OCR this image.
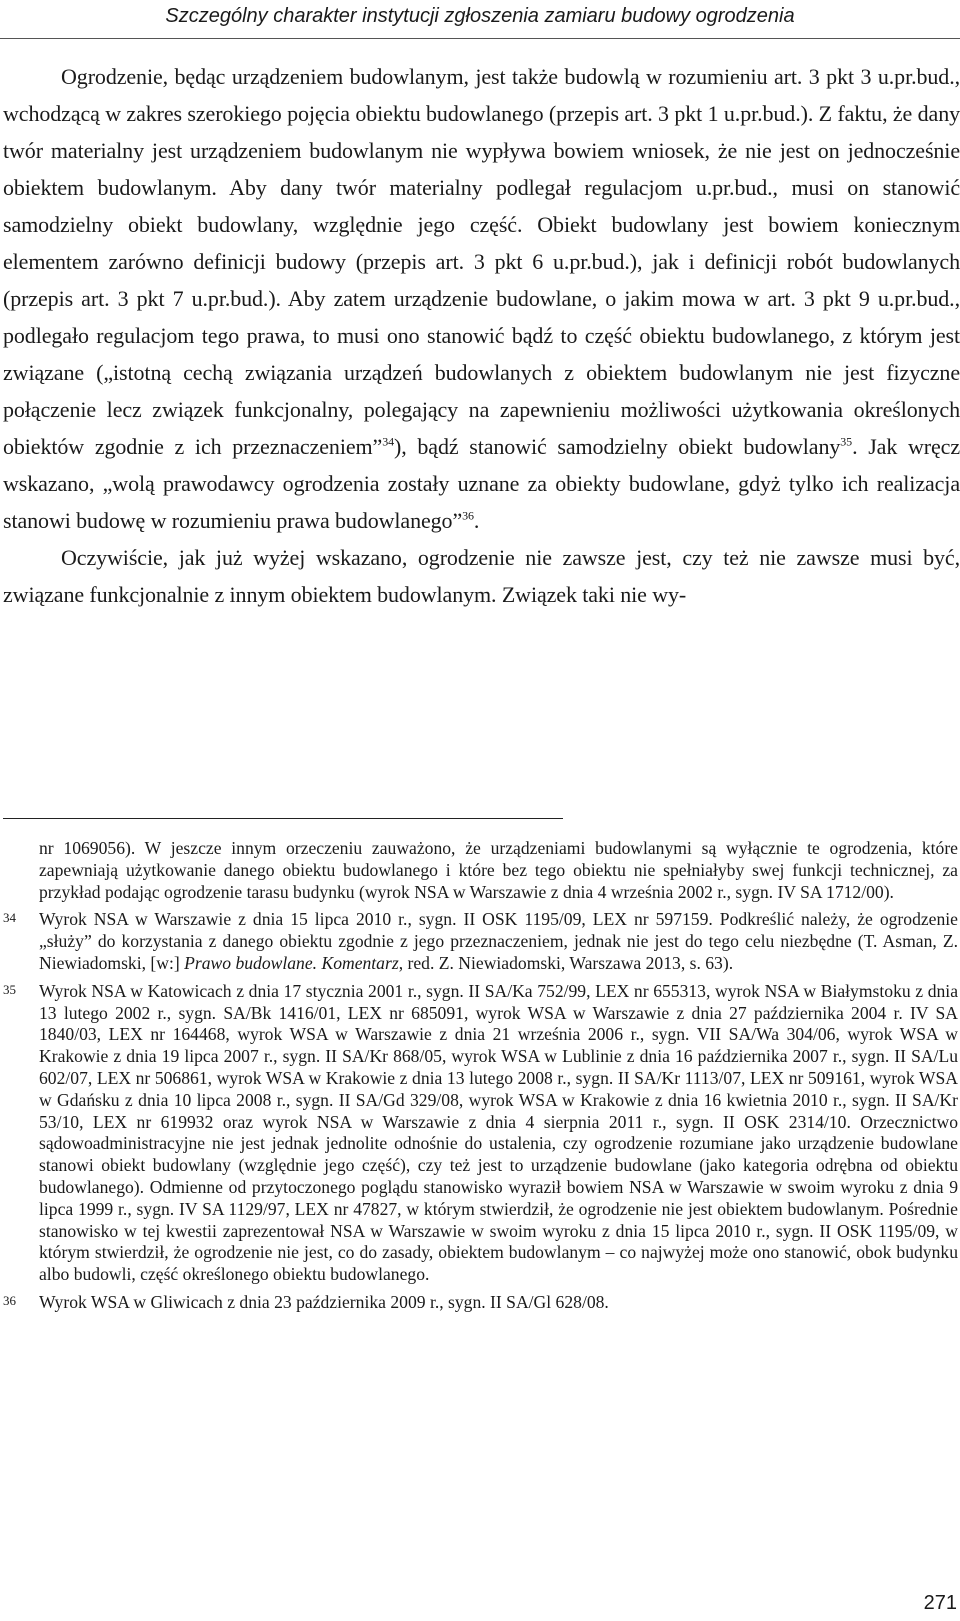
Szczególny charakter instytucji zgłoszenia zamiaru budowy ogrodzenia

Ogrodzenie, będąc urządzeniem budowlanym, jest także budowlą w rozumieniu art. 3 pkt 3 u.pr.bud., wchodzącą w zakres szerokiego pojęcia obiektu budowlanego (przepis art. 3 pkt 1 u.pr.bud.). Z faktu, że dany twór materialny jest urządzeniem budowlanym nie wypływa bowiem wniosek, że nie jest on jednocześnie obiektem budowlanym. Aby dany twór materialny podlegał regulacjom u.pr.bud., musi on stanowić samodzielny obiekt budowlany, względnie jego część. Obiekt budowlany jest bowiem koniecznym elementem zarówno definicji budowy (przepis art. 3 pkt 6 u.pr.bud.), jak i definicji robót budowlanych (przepis art. 3 pkt 7 u.pr.bud.). Aby zatem urządzenie budowlane, o jakim mowa w art. 3 pkt 9 u.pr.bud., podlegało regulacjom tego prawa, to musi ono stanowić bądź to część obiektu budowlanego, z którym jest związane („istotną cechą związania urządzeń budowlanych z obiektem budowlanym nie jest fizyczne połączenie lecz związek funkcjonalny, polegający na zapewnieniu możliwości użytkowania określonych obiektów zgodnie z ich przeznaczeniem”$^{34}$), bądź stanowić samodzielny obiekt budowlany$^{35}$. Jak wręcz wskazano, „wolą prawodawcy ogrodzenia zostały uznane za obiekty budowlane, gdyż tylko ich realizacja stanowi budowę w rozumieniu prawa budowlanego”$^{36}$.

Oczywiście, jak już wyżej wskazano, ogrodzenie nie zawsze jest, czy też nie zawsze musi być, związane funkcjonalnie z innym obiektem budowlanym. Związek taki nie wy-

nr 1069056). W jeszcze innym orzeczeniu zauważono, że urządzeniami budowlanymi są wyłącznie te ogrodzenia, które zapewniają użytkowanie danego obiektu budowlanego i które bez tego obiektu nie spełniałyby swej funkcji technicznej, za przykład podając ogrodzenie tarasu budynku (wyrok NSA w Warszawie z dnia 4 września 2002 r., sygn. IV SA 1712/00).
34 Wyrok NSA w Warszawie z dnia 15 lipca 2010 r., sygn. II OSK 1195/09, LEX nr 597159. Podkreślić należy, że ogrodzenie „służy” do korzystania z danego obiektu zgodnie z jego przeznaczeniem, jednak nie jest do tego celu niezbędne (T. Asman, Z. Niewiadomski, [w:] Prawo budowlane. Komentarz, red. Z. Niewiadomski, Warszawa 2013, s. 63).
35 Wyrok NSA w Katowicach z dnia 17 stycznia 2001 r., sygn. II SA/Ka 752/99, LEX nr 655313, wyrok NSA w Białymstoku z dnia 13 lutego 2002 r., sygn. SA/Bk 1416/01, LEX nr 685091, wyrok WSA w Warszawie z dnia 27 października 2004 r. IV SA 1840/03, LEX nr 164468, wyrok WSA w Warszawie z dnia 21 września 2006 r., sygn. VII SA/Wa 304/06, wyrok WSA w Krakowie z dnia 19 lipca 2007 r., sygn. II SA/Kr 868/05, wyrok WSA w Lublinie z dnia 16 października 2007 r., sygn. II SA/Lu 602/07, LEX nr 506861, wyrok WSA w Krakowie z dnia 13 lutego 2008 r., sygn. II SA/Kr 1113/07, LEX nr 509161, wyrok WSA w Gdańsku z dnia 10 lipca 2008 r., sygn. II SA/Gd 329/08, wyrok WSA w Krakowie z dnia 16 kwietnia 2010 r., sygn. II SA/Kr 53/10, LEX nr 619932 oraz wyrok NSA w Warszawie z dnia 4 sierpnia 2011 r., sygn. II OSK 2314/10. Orzecznictwo sądowoadministracyjne nie jest jednak jednolite odnośnie do ustalenia, czy ogrodzenie rozumiane jako urządzenie budowlane stanowi obiekt budowlany (względnie jego część), czy też jest to urządzenie budowlane (jako kategoria odrębna od obiektu budowlanego). Odmienne od przytoczonego poglądu stanowisko wyraził bowiem NSA w Warszawie w swoim wyroku z dnia 9 lipca 1999 r., sygn. IV SA 1129/97, LEX nr 47827, w którym stwierdził, że ogrodzenie nie jest obiektem budowlanym. Pośrednie stanowisko w tej kwestii zaprezentował NSA w Warszawie w swoim wyroku z dnia 15 lipca 2010 r., sygn. II OSK 1195/09, w którym stwierdził, że ogrodzenie nie jest, co do zasady, obiektem budowlanym – co najwyżej może ono stanowić, obok budynku albo budowli, część określonego obiektu budowlanego.
36 Wyrok WSA w Gliwicach z dnia 23 października 2009 r., sygn. II SA/Gl 628/08.
271
